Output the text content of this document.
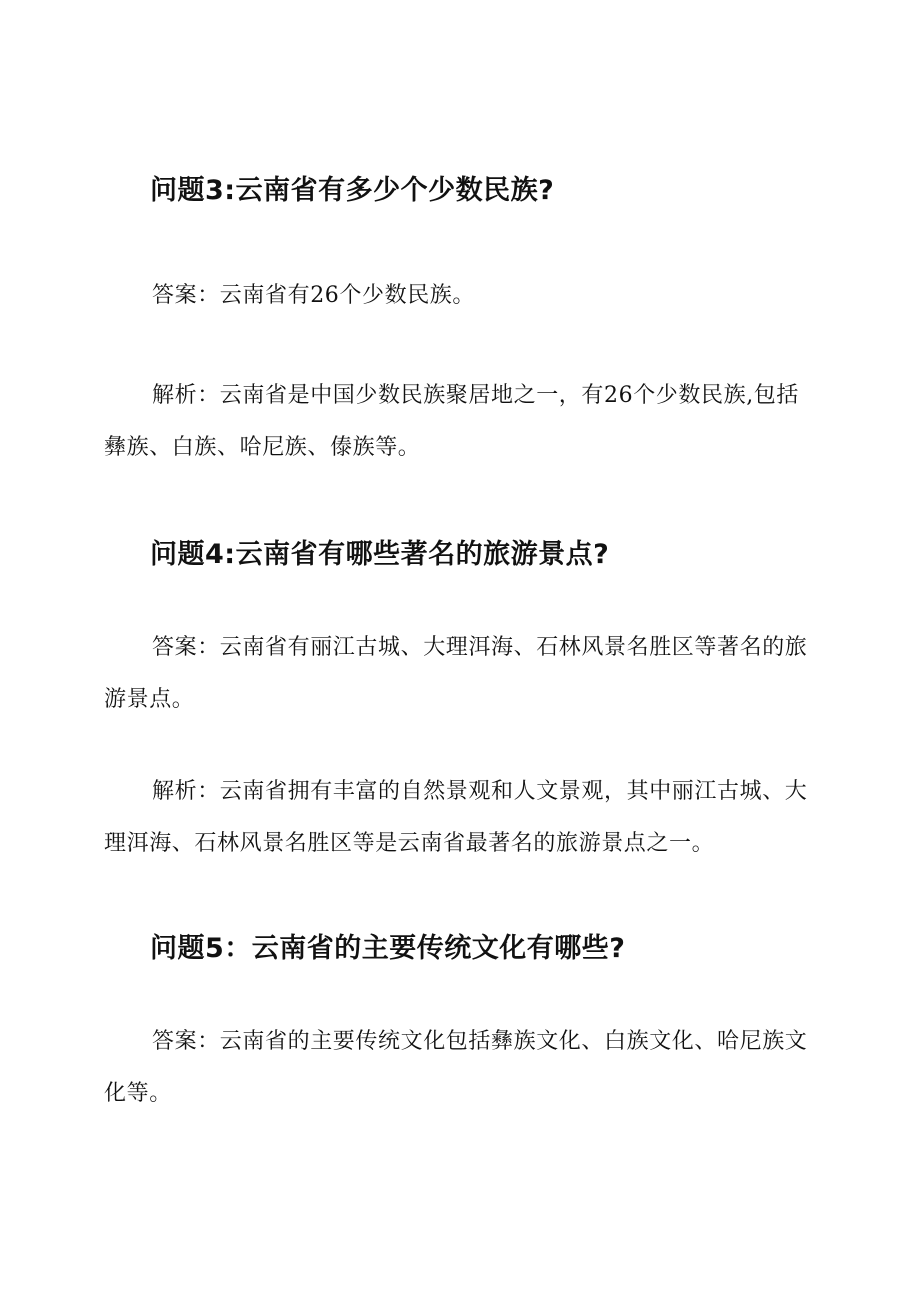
问题3:云南省有多少个少数民族?

答案：云南省有26个少数民族。

解析：云南省是中国少数民族聚居地之一，有26个少数民族,包括彝族、白族、哈尼族、傣族等。

问题4:云南省有哪些著名的旅游景点?

答案：云南省有丽江古城、大理洱海、石林风景名胜区等著名的旅游景点。

解析：云南省拥有丰富的自然景观和人文景观，其中丽江古城、大理洱海、石林风景名胜区等是云南省最著名的旅游景点之一。

问题5：云南省的主要传统文化有哪些?

答案：云南省的主要传统文化包括彝族文化、白族文化、哈尼族文化等。
